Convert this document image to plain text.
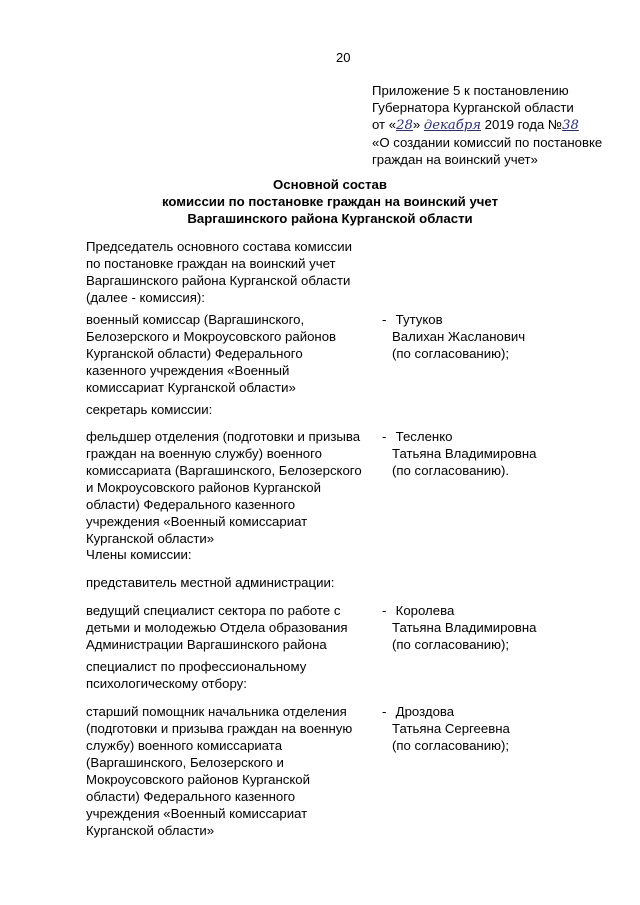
20
Приложение 5 к постановлению
Губернатора Курганской области
от «28» декабря 2019 года №38
«О создании комиссий по постановке
граждан на воинский учет»
Основной состав
комиссии по постановке граждан на воинский учет
Варгашинского района Курганской области
Председатель основного состава комиссии
по постановке граждан на воинский учет
Варгашинского района Курганской области
(далее - комиссия):
военный комиссар (Варгашинского,
Белозерского и Мокроусовского районов
Курганской области) Федерального
казенного учреждения «Военный
комиссариат Курганской области»
- Тутуков
Валихан Жасланович
(по согласованию);
секретарь комиссии:
фельдшер отделения (подготовки и призыва
граждан на военную службу) военного
комиссариата (Варгашинского, Белозерского
и Мокроусовского районов Курганской
области) Федерального казенного
учреждения «Военный комиссариат
Курганской области»
- Тесленко
Татьяна Владимировна
(по согласованию).
Члены комиссии:
представитель местной администрации:
ведущий специалист сектора по работе с
детьми и молодежью Отдела образования
Администрации Варгашинского района
- Королева
Татьяна Владимировна
(по согласованию);
специалист по профессиональному
психологическому отбору:
старший помощник начальника отделения
(подготовки и призыва граждан на военную
службу) военного комиссариата
(Варгашинского, Белозерского и
Мокроусовского районов Курганской
области) Федерального казенного
учреждения «Военный комиссариат
Курганской области»
- Дроздова
Татьяна Сергеевна
(по согласованию);
